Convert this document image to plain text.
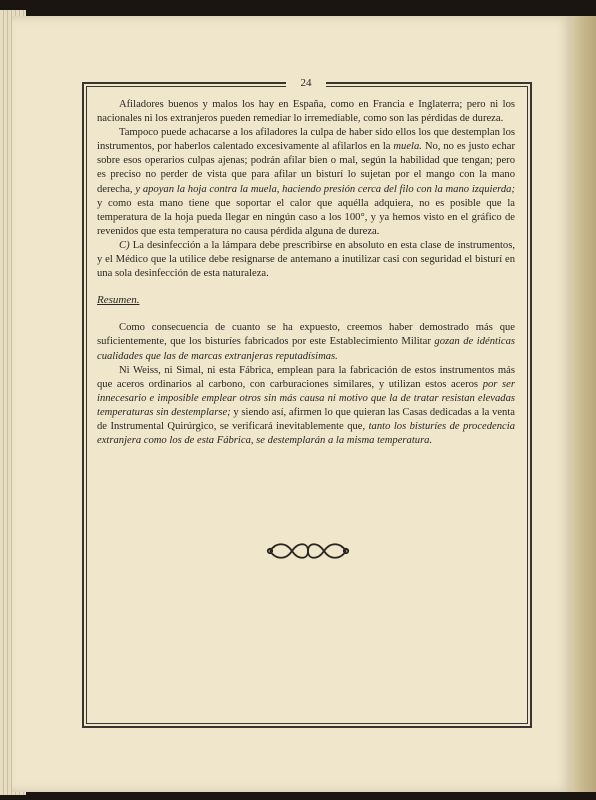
24

Afiladores buenos y malos los hay en España, como en Francia e Inglaterra; pero ni los nacionales ni los extranjeros pueden remediar lo irremediable, como son las pérdidas de dureza.

Tampoco puede achacarse a los afiladores la culpa de haber sido ellos los que destemplan los instrumentos, por haberlos calentado excesivamente al afilarlos en la muela. No, no es justo echar sobre esos operarios culpas ajenas; podrán afilar bien o mal, según la habilidad que tengan; pero es preciso no perder de vista que para afilar un bisturí lo sujetan por el mango con la mano derecha, y apoyan la hoja contra la muela, haciendo presión cerca del filo con la mano izquierda; y como esta mano tiene que soportar el calor que aquélla adquiera, no es posible que la temperatura de la hoja pueda llegar en ningún caso a los 100°, y ya hemos visto en el gráfico de revenidos que esta temperatura no causa pérdida alguna de dureza.

C) La desinfección a la lámpara debe prescribirse en absoluto en esta clase de instrumentos, y el Médico que la utilice debe resignarse de antemano a inutilizar casi con seguridad el bisturí en una sola desinfección de esta naturaleza.

Resumen.

Como consecuencia de cuanto se ha expuesto, creemos haber demostrado más que suficientemente, que los bisturíes fabricados por este Establecimiento Militar gozan de idénticas cualidades que las de marcas extranjeras reputadísimas.

Ni Weiss, ni Simal, ni esta Fábrica, emplean para la fabricación de estos instrumentos más que aceros ordinarios al carbono, con carburaciones similares, y utilizan estos aceros por ser innecesario e imposible emplear otros sin más causa ni motivo que la de tratar resistan elevadas temperaturas sin destemplarse; y siendo así, afirmen lo que quieran las Casas dedicadas a la venta de Instrumental Quirúrgico, se verificará inevitablemente que, tanto los bisturíes de procedencia extranjera como los de esta Fábrica, se destemplarán a la misma temperatura.
